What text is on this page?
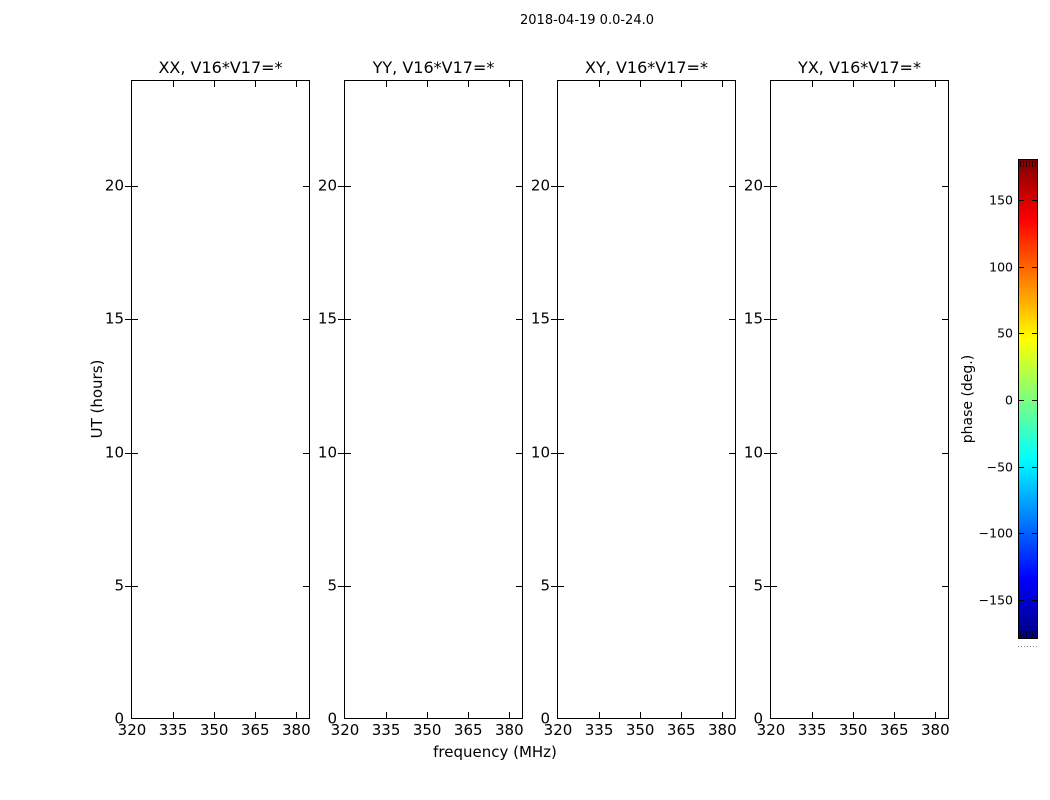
2018-04-19 0.0-24.0
XX, V16*V17=*
320 335 350 365 380
0
5
10
15
20
YY, V16*V17=*
320 335 350 365 380
0
5
10
15
20
XY, V16*V17=*
320 335 350 365 380
0
5
10
15
20
YX, V16*V17=*
320 335 350 365 380
0
5
10
15
20
frequency (MHz)
UT (hours)
150
100
50
0
−50
−100
−150
phase (deg.)
